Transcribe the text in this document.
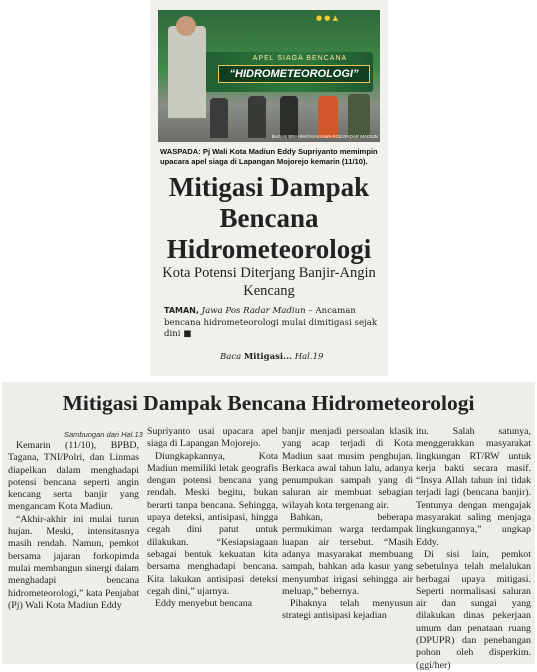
APEL SIAGA BENCANA
“HIDROMETEOROLOGI”
● ● ▲
BAGAS BRAHMATAYA/JAWA POS RADAR MADIUN
WASPADA: Pj Wali Kota Madiun Eddy Supriyanto memimpin upacara apel siaga di Lapangan Mojorejo kemarin (11/10).
Mitigasi Dampak Bencana Hidrometeorologi
Kota Potensi Diterjang Banjir-Angin Kencang
TAMAN, Jawa Pos Radar Madiun – Ancaman bencana hidrometeorologi mulai dimitigasi sejak dini ■
Baca Mitigasi... Hal.19
Mitigasi Dampak Bencana Hidrometeorologi
Sambungan dari Hal.13

Kemarin (11/10), BPBD, Tagana, TNI/Polri, dan Linmas diapelkan dalam menghadapi potensi bencana seperti angin kencang serta banjir yang mengancam Kota Madiun.

“Akhir-akhir ini mulai turun hujan. Meski, intensitasnya masih rendah. Namun, pemkot bersama jajaran forkopimda mulai membangun sinergi dalam menghadapi bencana hidrometeorologi,” kata Penjabat (Pj) Wali Kota Madiun Eddy

Supriyanto usai upacara apel siaga di Lapangan Mojorejo.

Diungkapkannya, Kota Madiun memiliki letak geografis dengan potensi bencana yang rendah. Meski begitu, bukan berarti tanpa bencana. Sehingga, upaya deteksi, antisipasi, hingga cegah dini patut untuk dilakukan. “Kesiapsiagaan sebagai bentuk kekuatan kita bersama menghadapi bencana. Kita lakukan antisipasi deteksi cegah dini,” ujarnya.

Eddy menyebut bencana

banjir menjadi persoalan klasik yang acap terjadi di Kota Madiun saat musim penghujan. Berkaca awal tahun lalu, adanya penumpukan sampah yang di saluran air membuat sebagian wilayah kota tergenang air.

Bahkan, beberapa permukiman warga terdampak luapan air tersebut. “Masih adanya masyarakat membuang sampah, bahkan ada kasur yang menyumbat irigasi sehingga air meluap,” bebernya.

Pihaknya telah menyusun strategi antisipasi kejadian

itu. Salah satunya, menggerakkan masyarakat lingkungan RT/RW untuk kerja bakti secara masif. “Insya Allah tahun ini tidak terjadi lagi (bencana banjir). Tentunya dengan mengajak masyarakat saling menjaga lingkungannya,” ungkap Eddy.

Di sisi lain, pemkot sebetulnya telah melalukan berbagai upaya mitigasi. Seperti normalisasi saluran air dan sungai yang dilakukan dinas pekerjaan umum dan penataan ruang (DPUPR) dan penebangan pohon oleh disperkim. (ggi/her)
